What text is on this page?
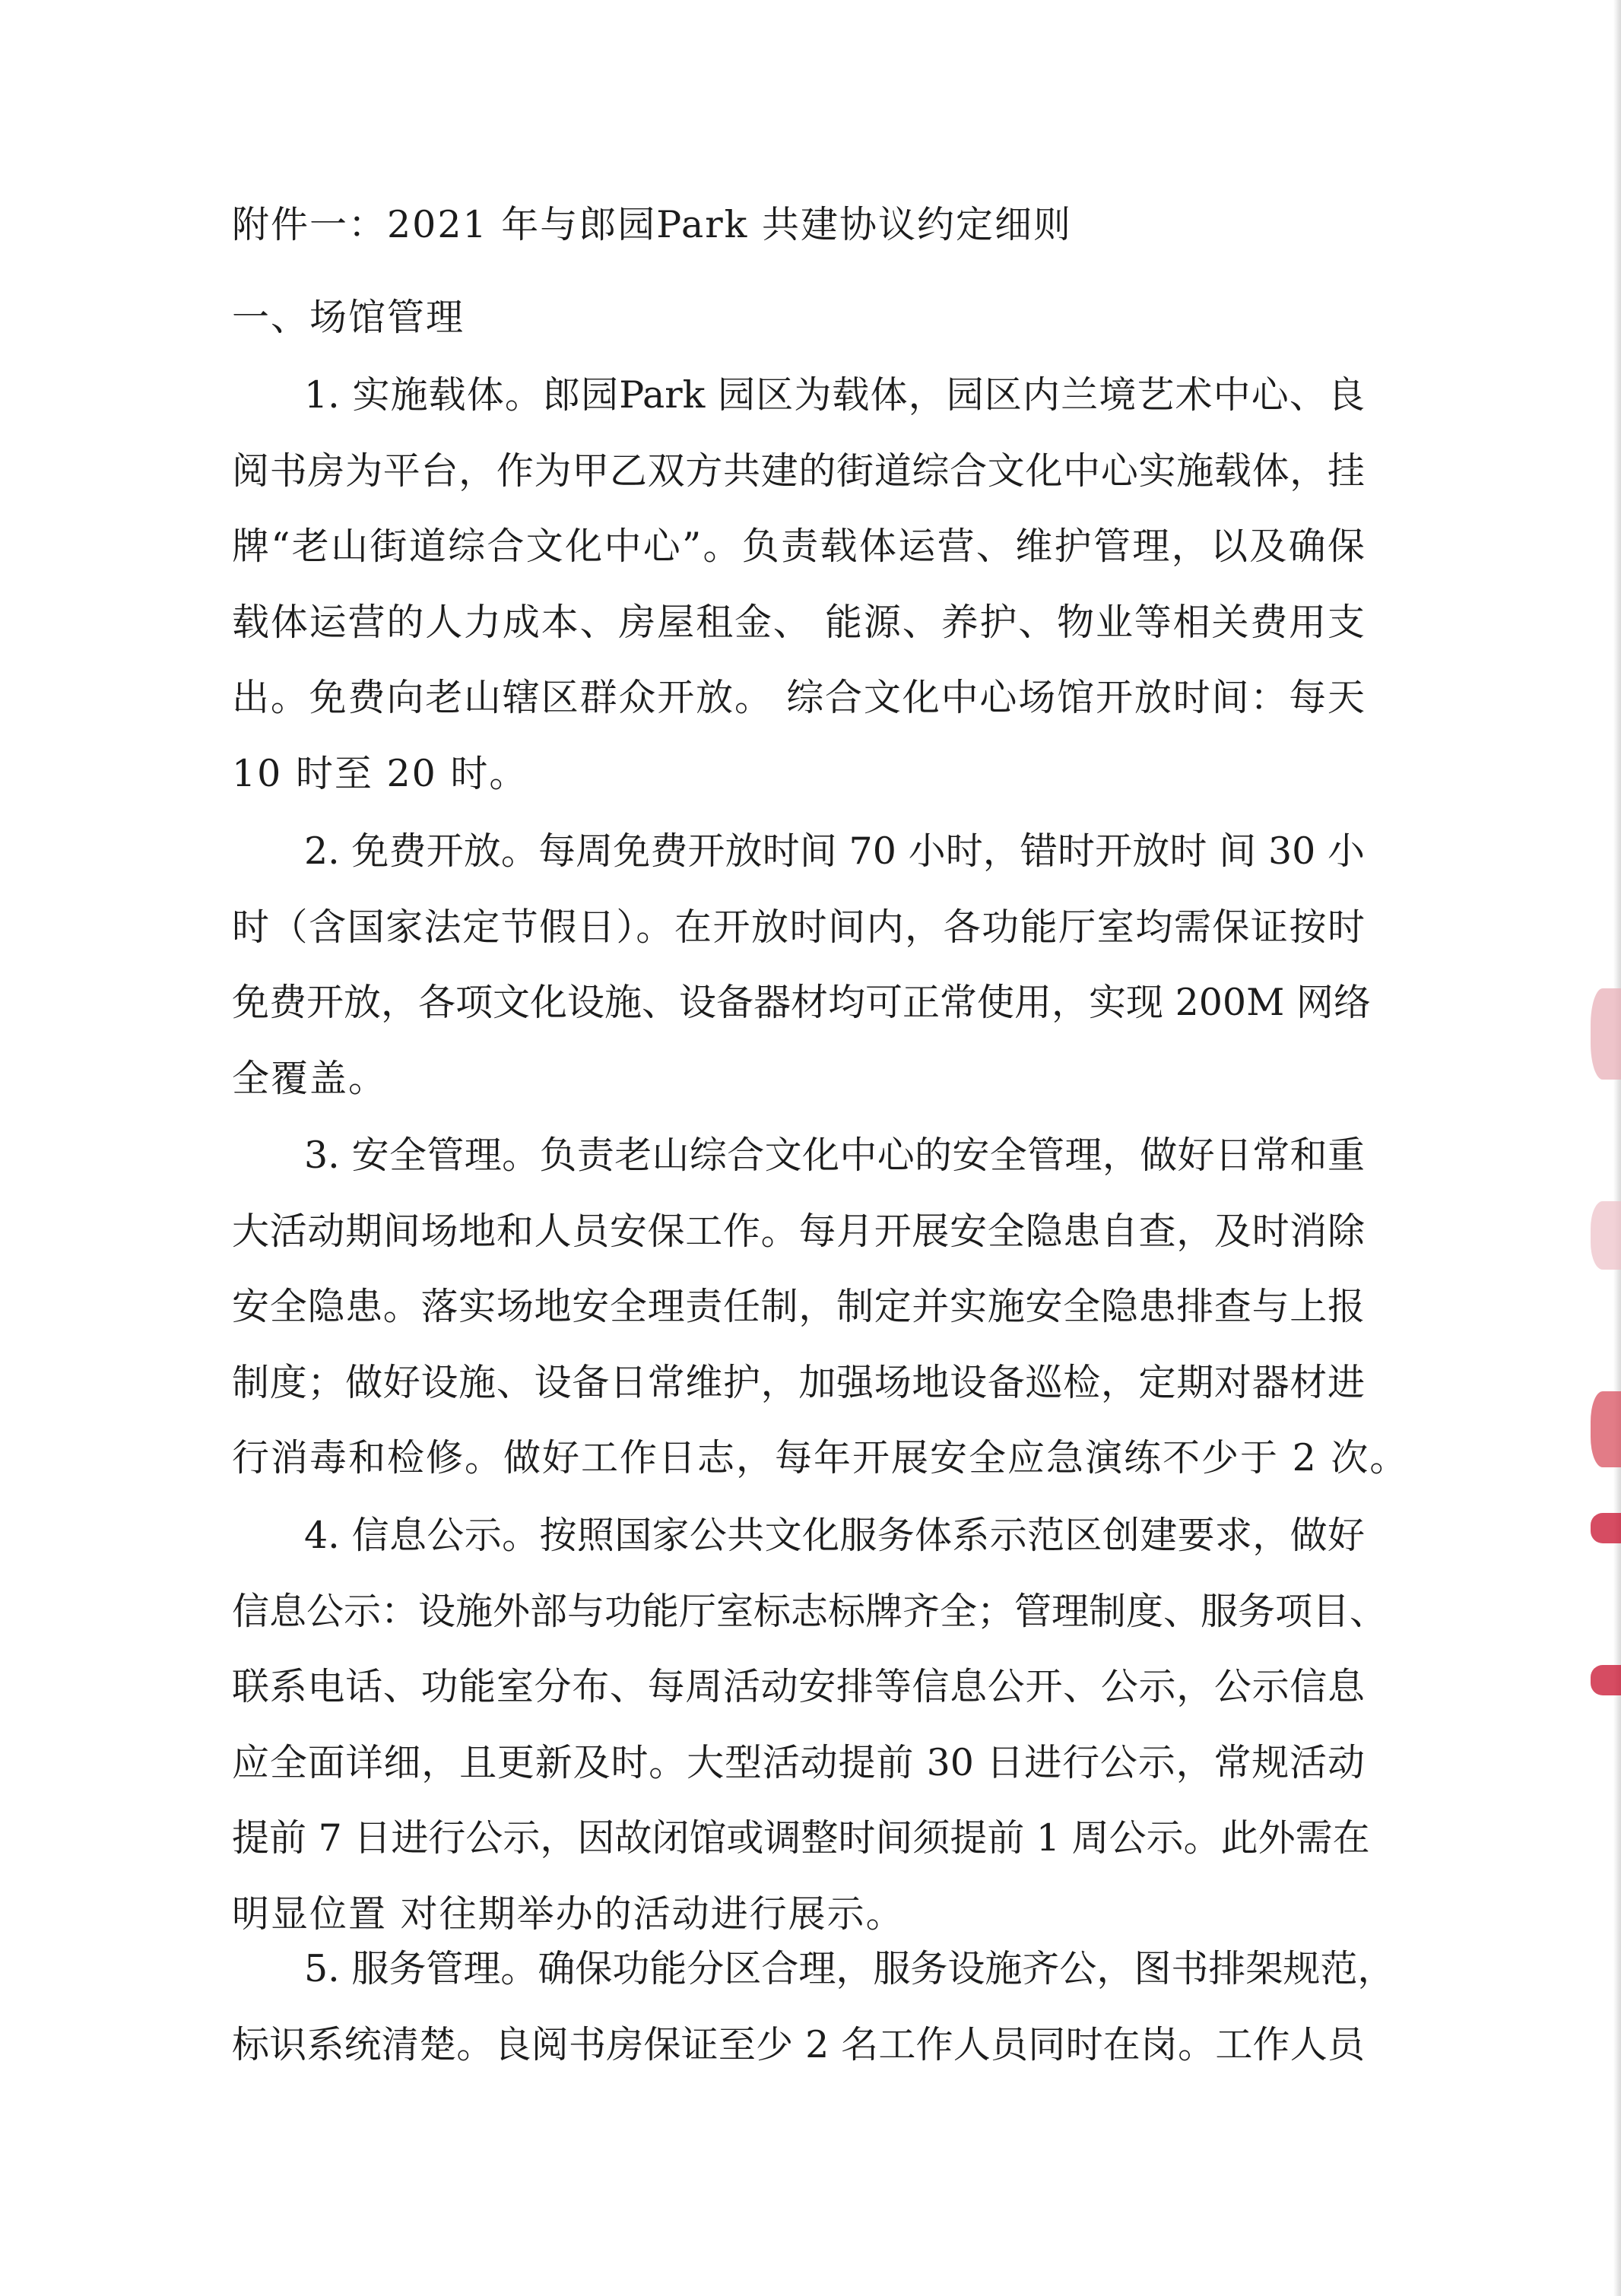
附件一：2021 年与郎园Park 共建协议约定细则
一、场馆管理
1. 实施载体。郎园Park 园区为载体，园区内兰境艺术中心、良
阅书房为平台，作为甲乙双方共建的街道综合文化中心实施载体，挂
牌“老山街道综合文化中心”。负责载体运营、维护管理，以及确保
载体运营的人力成本、房屋租金、 能源、养护、物业等相关费用支
出。免费向老山辖区群众开放。 综合文化中心场馆开放时间：每天
10 时至 20 时。
2. 免费开放。每周免费开放时间 70 小时，错时开放时 间 30 小
时（含国家法定节假日）。在开放时间内，各功能厅室均需保证按时
免费开放，各项文化设施、设备器材均可正常使用，实现 200M 网络
全覆盖。
3. 安全管理。负责老山综合文化中心的安全管理，做好日常和重
大活动期间场地和人员安保工作。每月开展安全隐患自查，及时消除
安全隐患。落实场地安全理责任制，制定并实施安全隐患排查与上报
制度；做好设施、设备日常维护，加强场地设备巡检，定期对器材进
行消毒和检修。做好工作日志，每年开展安全应急演练不少于 2 次。
4. 信息公示。按照国家公共文化服务体系示范区创建要求，做好
信息公示：设施外部与功能厅室标志标牌齐全；管理制度、服务项目、
联系电话、功能室分布、每周活动安排等信息公开、公示，公示信息
应全面详细，且更新及时。大型活动提前 30 日进行公示，常规活动
提前 7 日进行公示，因故闭馆或调整时间须提前 1 周公示。此外需在
明显位置 对往期举办的活动进行展示。
5. 服务管理。确保功能分区合理，服务设施齐公，图书排架规范，
标识系统清楚。良阅书房保证至少 2 名工作人员同时在岗。工作人员
